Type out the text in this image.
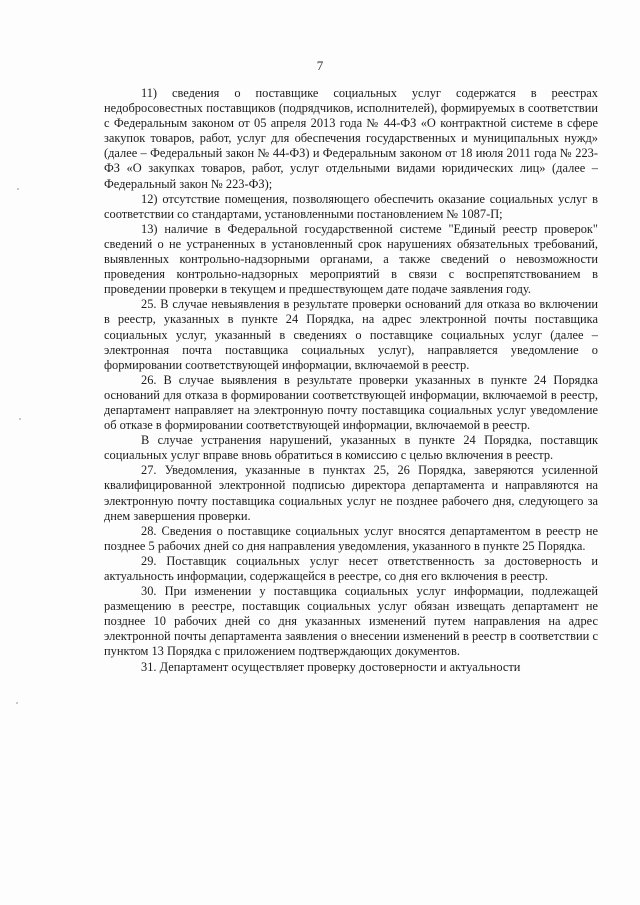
7

11) сведения о поставщике социальных услуг содержатся в реестрах недобросовестных поставщиков (подрядчиков, исполнителей), формируемых в соответствии с Федеральным законом от 05 апреля 2013 года № 44-ФЗ «О контрактной системе в сфере закупок товаров, работ, услуг для обеспечения государственных и муниципальных нужд» (далее – Федеральный закон № 44-ФЗ) и Федеральным законом от 18 июля 2011 года № 223-ФЗ «О закупках товаров, работ, услуг отдельными видами юридических лиц» (далее – Федеральный закон № 223-ФЗ);

12) отсутствие помещения, позволяющего обеспечить оказание социальных услуг в соответствии со стандартами, установленными постановлением № 1087-П;

13) наличие в Федеральной государственной системе "Единый реестр проверок" сведений о не устраненных в установленный срок нарушениях обязательных требований, выявленных контрольно-надзорными органами, а также сведений о невозможности проведения контрольно-надзорных мероприятий в связи с воспрепятствованием в проведении проверки в текущем и предшествующем дате подаче заявления году.

25. В случае невыявления в результате проверки оснований для отказа во включении в реестр, указанных в пункте 24 Порядка, на адрес электронной почты поставщика социальных услуг, указанный в сведениях о поставщике социальных услуг (далее – электронная почта поставщика социальных услуг), направляется уведомление о формировании соответствующей информации, включаемой в реестр.

26. В случае выявления в результате проверки указанных в пункте 24 Порядка оснований для отказа в формировании соответствующей информации, включаемой в реестр, департамент направляет на электронную почту поставщика социальных услуг уведомление об отказе в формировании соответствующей информации, включаемой в реестр.

В случае устранения нарушений, указанных в пункте 24 Порядка, поставщик социальных услуг вправе вновь обратиться в комиссию с целью включения в реестр.

27. Уведомления, указанные в пунктах 25, 26 Порядка, заверяются усиленной квалифицированной электронной подписью директора департамента и направляются на электронную почту поставщика социальных услуг не позднее рабочего дня, следующего за днем завершения проверки.

28. Сведения о поставщике социальных услуг вносятся департаментом в реестр не позднее 5 рабочих дней со дня направления уведомления, указанного в пункте 25 Порядка.

29. Поставщик социальных услуг несет ответственность за достоверность и актуальность информации, содержащейся в реестре, со дня его включения в реестр.

30. При изменении у поставщика социальных услуг информации, подлежащей размещению в реестре, поставщик социальных услуг обязан извещать департамент не позднее 10 рабочих дней со дня указанных изменений путем направления на адрес электронной почты департамента заявления о внесении изменений в реестр в соответствии с пунктом 13 Порядка с приложением подтверждающих документов.

31. Департамент осуществляет проверку достоверности и актуальности
